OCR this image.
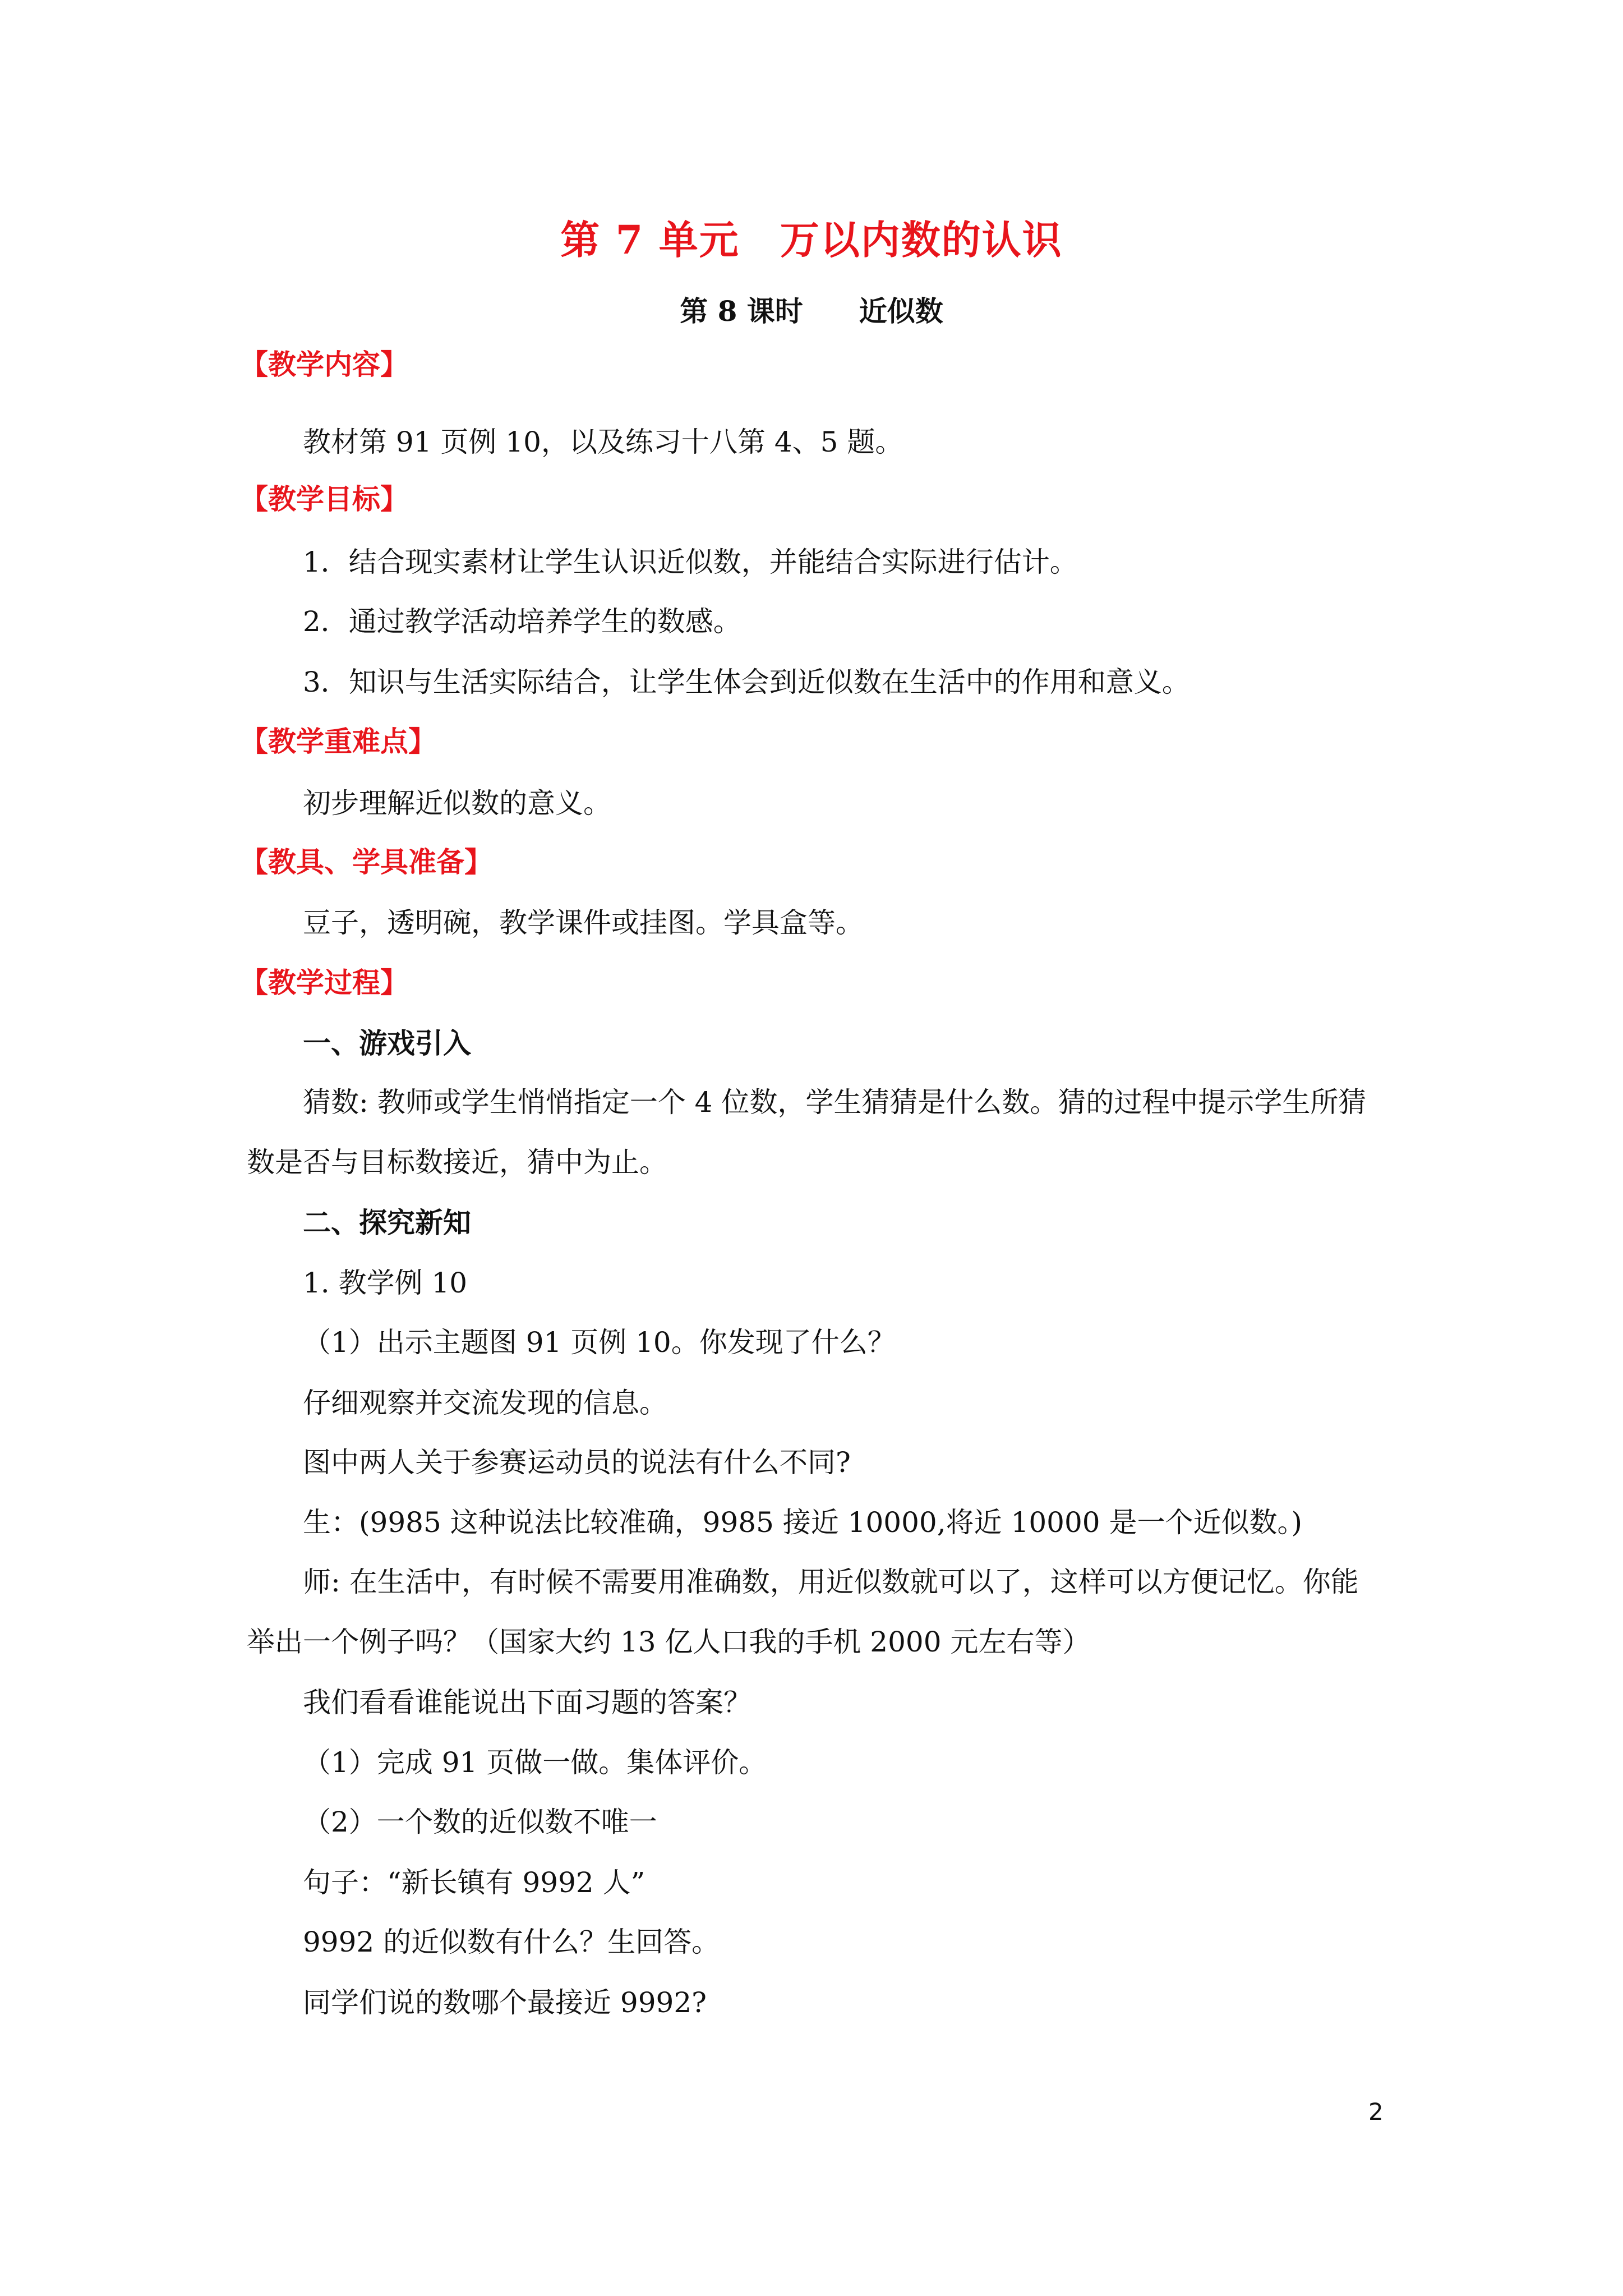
第 7 单元　万以内数的认识
第 8 课时　　近似数
【教学内容】
教材第 91 页例 10，以及练习十八第 4、5 题。
【教学目标】
1．结合现实素材让学生认识近似数，并能结合实际进行估计。
2．通过教学活动培养学生的数感。
3．知识与生活实际结合，让学生体会到近似数在生活中的作用和意义。
【教学重难点】
初步理解近似数的意义。
【教具、学具准备】
豆子，透明碗，教学课件或挂图。学具盒等。
【教学过程】
一、游戏引入
猜数: 教师或学生悄悄指定一个 4 位数，学生猜猜是什么数。猜的过程中提示学生所猜
数是否与目标数接近，猜中为止。
二、探究新知
1. 教学例 10
（1）出示主题图 91 页例 10。你发现了什么？
仔细观察并交流发现的信息。
图中两人关于参赛运动员的说法有什么不同?
生：(9985 这种说法比较准确，9985 接近 10000,将近 10000 是一个近似数。)
师: 在生活中，有时候不需要用准确数，用近似数就可以了，这样可以方便记忆。你能
举出一个例子吗？（国家大约 13 亿人口我的手机 2000 元左右等）
我们看看谁能说出下面习题的答案？
（1）完成 91 页做一做。集体评价。
（2）一个数的近似数不唯一
句子：“新长镇有 9992 人”
9992 的近似数有什么？生回答。
同学们说的数哪个最接近 9992?
2
